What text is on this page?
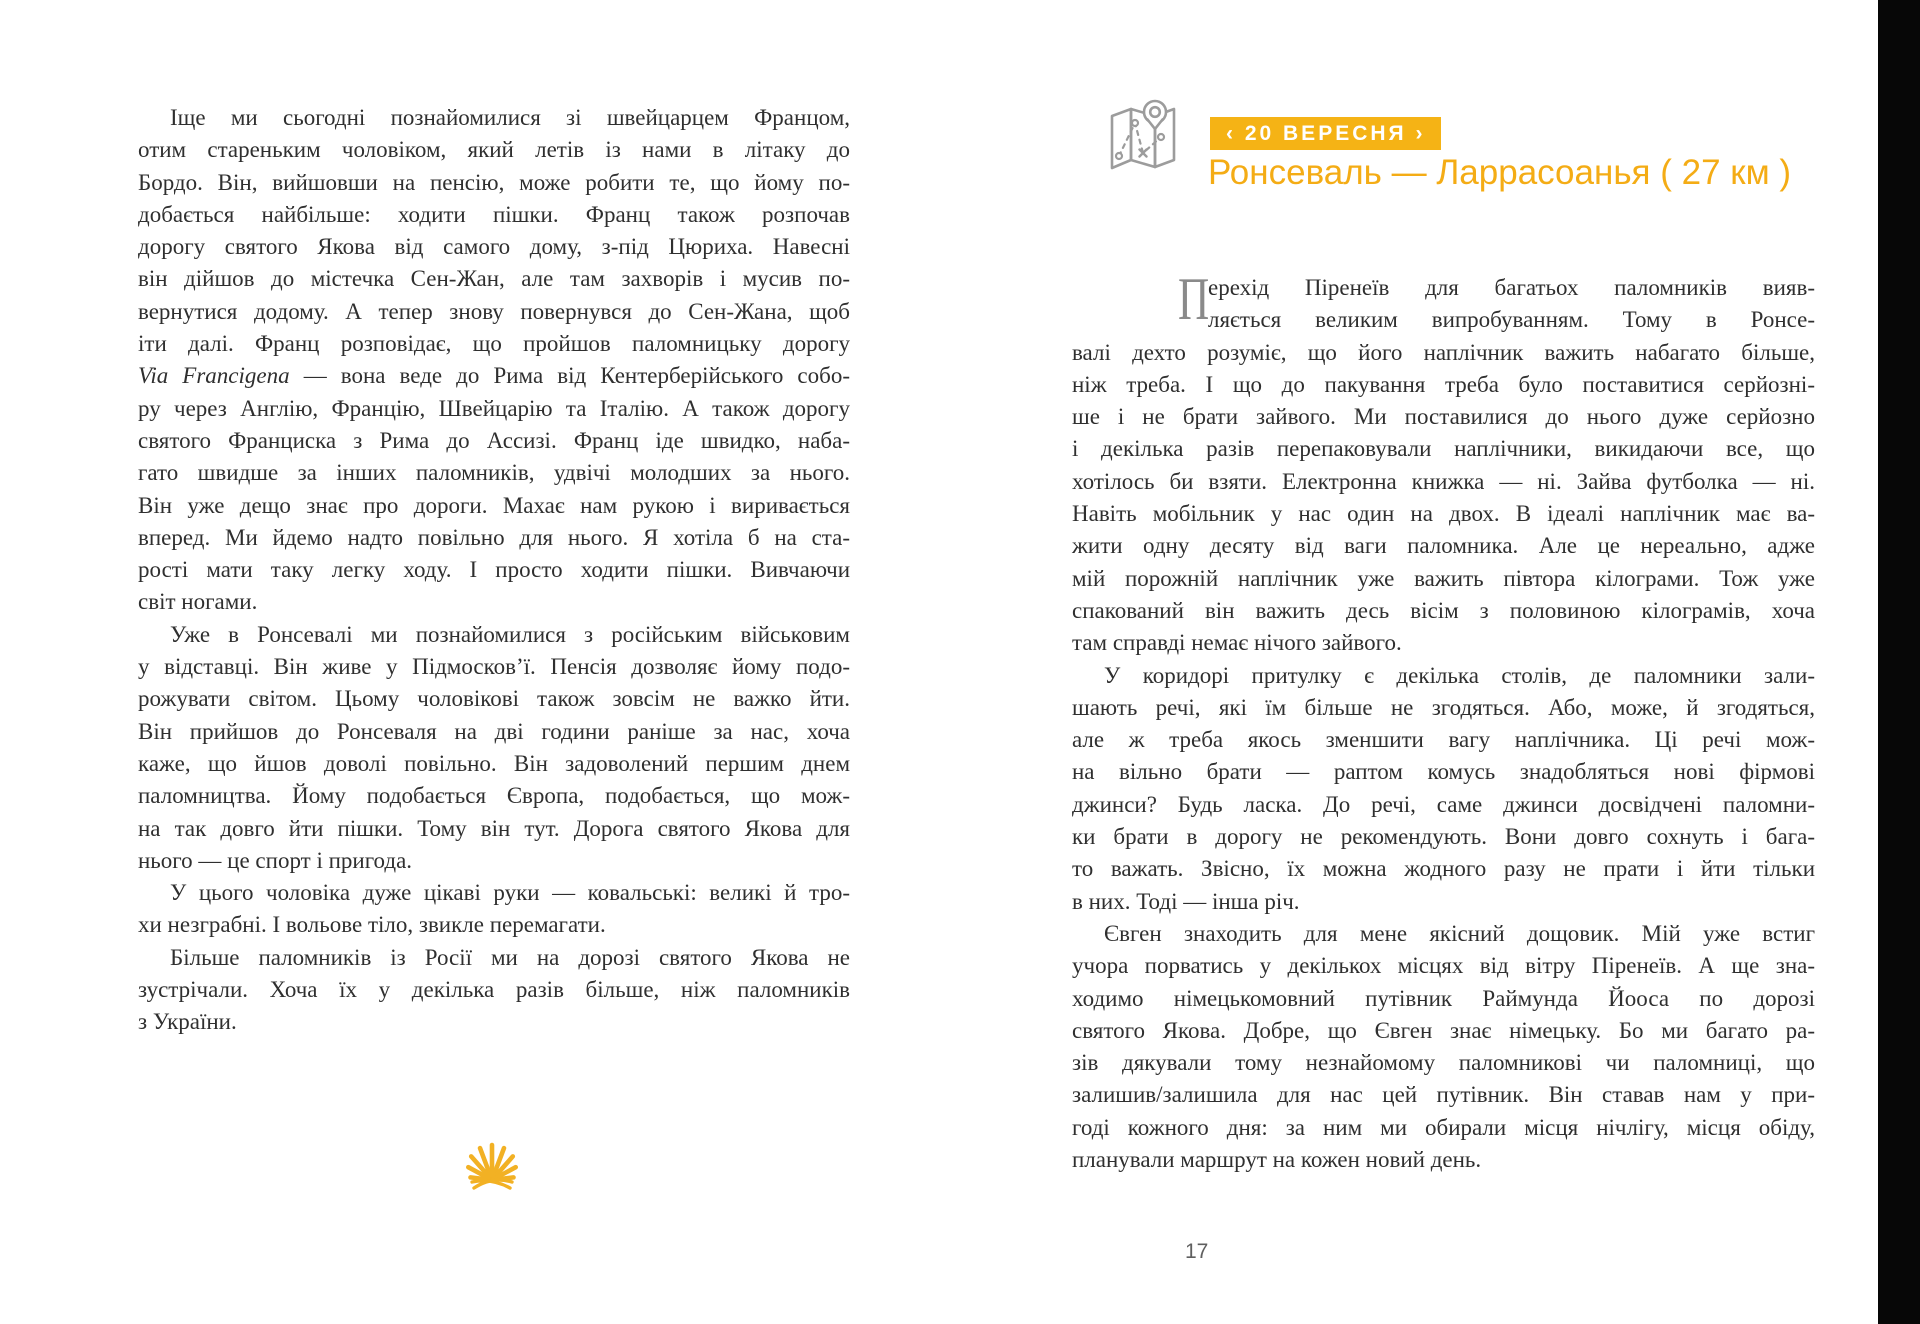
Іще ми сьогодні познайомилися зі швейцарцем Францом,
отим стареньким чоловіком, який летів із нами в літаку до
Бордо. Він, вийшовши на пенсію, може робити те, що йому по-
добається найбільше: ходити пішки. Франц також розпочав
дорогу святого Якова від самого дому, з-під Цюриха. Навесні
він дійшов до містечка Сен-Жан, але там захворів і мусив по-
вернутися додому. А тепер знову повернувся до Сен-Жана, щоб
іти далі. Франц розповідає, що пройшов паломницьку дорогу
Via Francigena — вона веде до Рима від Кентерберійського собо-
ру через Англію, Францію, Швейцарію та Італію. А також дорогу
святого Франциска з Рима до Ассизі. Франц іде швидко, наба-
гато швидше за інших паломників, удвічі молодших за нього.
Він уже дещо знає про дороги. Махає нам рукою і виривається
вперед. Ми йдемо надто повільно для нього. Я хотіла б на ста-
рості мати таку легку ходу. І просто ходити пішки. Вивчаючи
світ ногами.
Уже в Ронсевалі ми познайомилися з російським військовим
у відставці. Він живе у Підмосков’ї. Пенсія дозволяє йому подо-
рожувати світом. Цьому чоловікові також зовсім не важко йти.
Він прийшов до Ронсеваля на дві години раніше за нас, хоча
каже, що йшов доволі повільно. Він задоволений першим днем
паломництва. Йому подобається Європа, подобається, що мож-
на так довго йти пішки. Тому він тут. Дорога святого Якова для
нього — це спорт і пригода.
У цього чоловіка дуже цікаві руки — ковальські: великі й тро-
хи незграбні. І вольове тіло, звикле перемагати.
Більше паломників із Росії ми на дорозі святого Якова не
зустрічали. Хоча їх у декілька разів більше, ніж паломників
з України.
‹ 20 ВЕРЕСНЯ ›
Ронсеваль — Ларрасоанья ( 27 км )
П
ерехід Піренеїв для багатьох паломників вияв-
ляється великим випробуванням. Тому в Ронсе-
валі дехто розуміє, що його наплічник важить набагато більше,
ніж треба. І що до пакування треба було поставитися серйозні-
ше і не брати зайвого. Ми поставилися до нього дуже серйозно
і декілька разів перепаковували наплічники, викидаючи все, що
хотілось би взяти. Електронна книжка — ні. Зайва футболка — ні.
Навіть мобільник у нас один на двох. В ідеалі наплічник має ва-
жити одну десяту від ваги паломника. Але це нереально, адже
мій порожній наплічник уже важить півтора кілограми. Тож уже
спакований він важить десь вісім з половиною кілограмів, хоча
там справді немає нічого зайвого.
У коридорі притулку є декілька столів, де паломники зали-
шають речі, які їм більше не згодяться. Або, може, й згодяться,
але ж треба якось зменшити вагу наплічника. Ці речі мож-
на вільно брати — раптом комусь знадобляться нові фірмові
джинси? Будь ласка. До речі, саме джинси досвідчені паломни-
ки брати в дорогу не рекомендують. Вони довго сохнуть і бага-
то важать. Звісно, їх можна жодного разу не прати і йти тільки
в них. Тоді — інша річ.
Євген знаходить для мене якісний дощовик. Мій уже встиг
учора порватись у декількох місцях від вітру Піренеїв. А ще зна-
ходимо німецькомовний путівник Раймунда Йооса по дорозі
святого Якова. Добре, що Євген знає німецьку. Бо ми багато ра-
зів дякували тому незнайомому паломникові чи паломниці, що
залишив/залишила для нас цей путівник. Він ставав нам у при-
годі кожного дня: за ним ми обирали місця нічлігу, місця обіду,
планували маршрут на кожен новий день.
17
